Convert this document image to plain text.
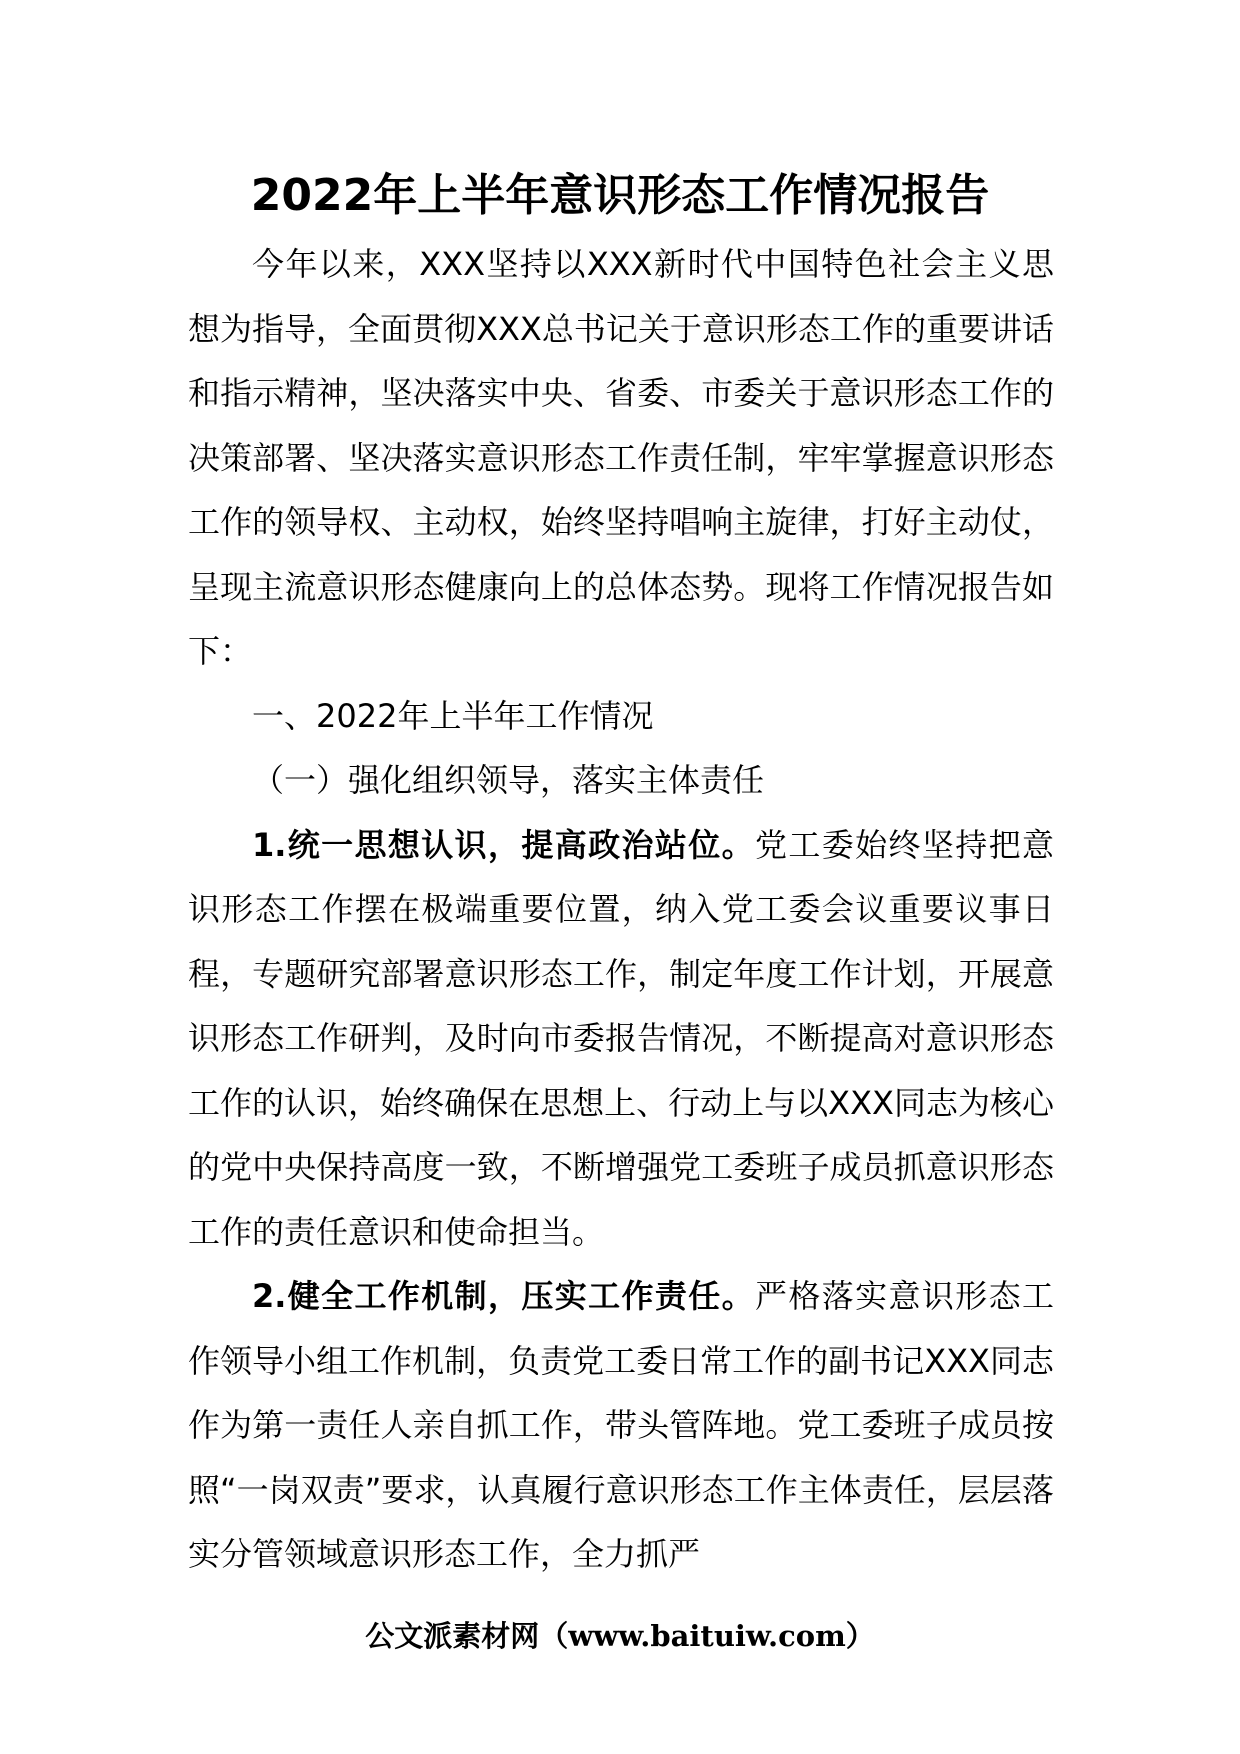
2022年上半年意识形态工作情况报告

今年以来，XXX坚持以XXX新时代中国特色社会主义思想为指导，全面贯彻XXX总书记关于意识形态工作的重要讲话和指示精神，坚决落实中央、省委、市委关于意识形态工作的决策部署、坚决落实意识形态工作责任制，牢牢掌握意识形态工作的领导权、主动权，始终坚持唱响主旋律，打好主动仗，呈现主流意识形态健康向上的总体态势。现将工作情况报告如下：

一、2022年上半年工作情况

（一）强化组织领导，落实主体责任

1.统一思想认识，提高政治站位。党工委始终坚持把意识形态工作摆在极端重要位置，纳入党工委会议重要议事日程，专题研究部署意识形态工作，制定年度工作计划，开展意识形态工作研判，及时向市委报告情况，不断提高对意识形态工作的认识，始终确保在思想上、行动上与以XXX同志为核心的党中央保持高度一致，不断增强党工委班子成员抓意识形态工作的责任意识和使命担当。

2.健全工作机制，压实工作责任。严格落实意识形态工作领导小组工作机制，负责党工委日常工作的副书记XXX同志作为第一责任人亲自抓工作，带头管阵地。党工委班子成员按照“一岗双责”要求，认真履行意识形态工作主体责任，层层落实分管领域意识形态工作，全力抓严

公文派素材网（www.baituiw.com）
